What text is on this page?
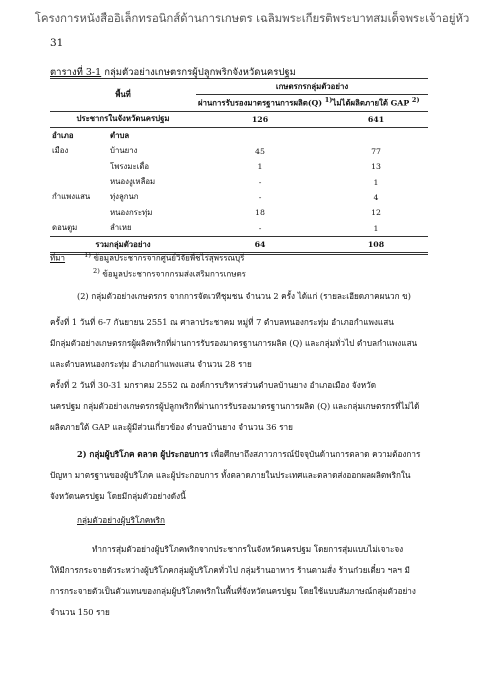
โครงการหนังสืออิเล็กทรอนิกส์ด้านการเกษตร เฉลิมพระเกียรติพระบาทสมเด็จพระเจ้าอยู่หัว
31
ตารางที่ 3-1 กลุ่มตัวอย่างเกษตรกรผู้ปลูกพริกจังหวัดนครปฐม
พื้นที่		เกษตรกรกลุ่มตัวอย่าง	
		ผ่านการรับรองมาตรฐานการผลิต(Q) $^{1)}$	ไม่ได้ผลิตภายใต้ GAP $^{2)}$
ประชากรในจังหวัดนครปฐม		126	641
อำเภอ	ตำบล		
เมือง	บ้านยาง	45	77
	โพรงมะเดื่อ	1	13
	หนองงูเหลือม	-	1
กำแพงแสน	ทุ่งลูกนก	-	4
	หนองกระทุ่ม	18	12
ดอนตูม	ลำเหย	-	1
รวมกลุ่มตัวอย่าง		64	108
ที่มา	$^{1)}$ ข้อมูลประชากรจากศูนย์วิจัยพืชไร่สุพรรณบุรี
$^{2)}$ ข้อมูลประชากรจากกรมส่งเสริมการเกษตร
(2) กลุ่มตัวอย่างเกษตรกร จากการจัดเวทีชุมชน จำนวน 2 ครั้ง ได้แก่ (รายละเอียดภาคผนวก ข)
ครั้งที่ 1 วันที่ 6-7 กันยายน 2551 ณ ศาลาประชาคม หมู่ที่ 7 ตำบลหนองกระทุ่ม อำเภอกำแพงแสน
มีกลุ่มตัวอย่างเกษตรกรผู้ผลิตพริกที่ผ่านการรับรองมาตรฐานการผลิต (Q) และกลุ่มทั่วไป ตำบลกำแพงแสน
และตำบลหนองกระทุ่ม อำเภอกำแพงแสน จำนวน 28 ราย
ครั้งที่ 2 วันที่ 30-31 มกราคม 2552 ณ องค์การบริหารส่วนตำบลบ้านยาง อำเภอเมือง จังหวัด
นครปฐม กลุ่มตัวอย่างเกษตรกรผู้ปลูกพริกที่ผ่านการรับรองมาตรฐานการผลิต (Q) และกลุ่มเกษตรกรที่ไม่ได้
ผลิตภายใต้ GAP และผู้มีส่วนเกี่ยวข้อง ตำบลบ้านยาง จำนวน 36 ราย
2) กลุ่มผู้บริโภค ตลาด ผู้ประกอบการ เพื่อศึกษาถึงสภาวการณ์ปัจจุบันด้านการตลาด ความต้องการ
ปัญหา มาตรฐานของผู้บริโภค และผู้ประกอบการ ทั้งตลาดภายในประเทศและตลาดส่งออกผลผลิตพริกใน
จังหวัดนครปฐม โดยมีกลุ่มตัวอย่างดังนี้
กลุ่มตัวอย่างผู้บริโภคพริก
ทำการสุ่มตัวอย่างผู้บริโภคพริกจากประชากรในจังหวัดนครปฐม โดยการสุ่มแบบไม่เจาะจง
ให้มีการกระจายตัวระหว่างผู้บริโภคกลุ่มผู้บริโภคทั่วไป กลุ่มร้านอาหาร ร้านตามสั่ง ร้านก๋วยเตี๋ยว ฯลฯ มี
การกระจายตัวเป็นตัวแทนของกลุ่มผู้บริโภคพริกในพื้นที่จังหวัดนครปฐม โดยใช้แบบสัมภาษณ์กลุ่มตัวอย่าง
จำนวน 150 ราย
